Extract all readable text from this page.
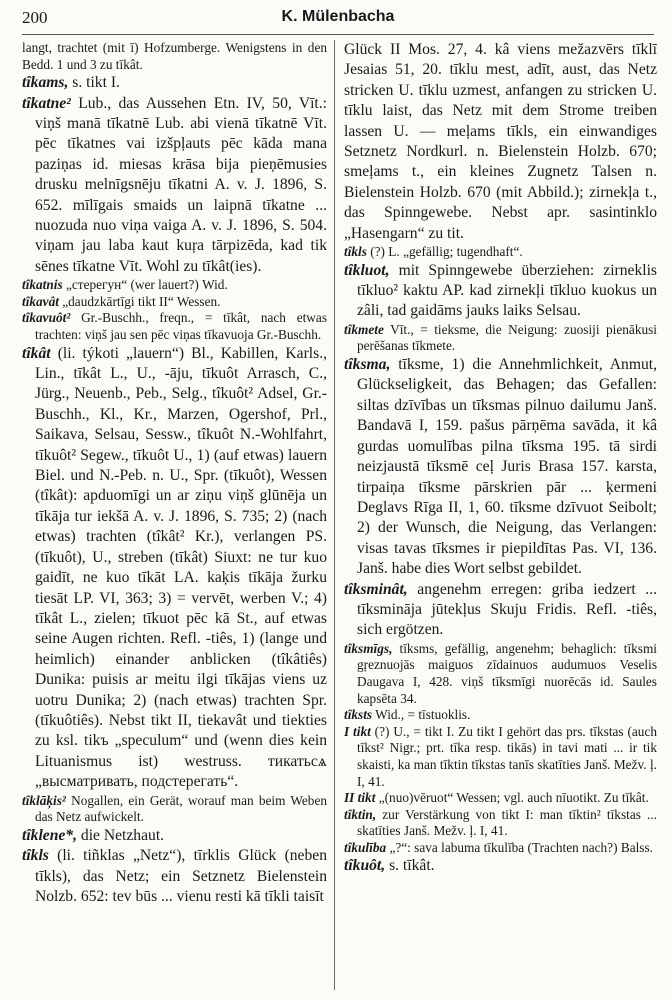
200	K. Mülenbacha

langt, trachtet (mit ī) Hofzumberge. Wenigstens in den Bedd. 1 und 3 zu tīkât.

tîkams, s. tikt I.

tîkatne² Lub., das Aussehen Etn. IV, 50, Vīt.: viņš manā tīkatnē Lub. abi vienā tīkatnē Vīt. pēc tīkatnes vai izšpļauts pēc kāda mana paziņas id. miesas krāsa bija pieņēmusies drusku melnīgsnēju tīkatni A. v. J. 1896, S. 652. mīlīgais smaids un laipnā tīkatne ... nuozuda nuo viņa vaiga A. v. J. 1896, S. 504. viņam jau laba kaut kuŗa tārpizēda, kad tik sēnes tīkatne Vīt. Wohl zu tīkât(ies).

tîkatnis „стeрeгун“ (wer lauert?) Wid.

tîkavât „daudzkārtīgi tikt II“ Wessen.

tîkavuôt² Gr.-Buschh., freqn., = tīkât, nach etwas trachten: viņš jau sen pēc viņas tīkavuoja Gr.-Buschh.

tîkât (li. týkoti „lauern“) Bl., Kabillen, Karls., Lin., tīkât L., U., -āju, tīkuôt Arrasch, C., Jürg., Neuenb., Peb., Selg., tîkuôt² Adsel, Gr.-Buschh., Kl., Kr., Marzen, Ogershof, Prl., Saikava, Selsau, Sessw., tîkuôt N.-Wohlfahrt, tīkuôt² Segew., tīkuôt U., 1) (auf etwas) lauern Biel. und N.-Peb. n. U., Spr. (tīkuôt), Wessen (tîkât): apduomīgi un ar ziņu viņš glūnēja un tīkāja tur iekšā A. v. J. 1896, S. 735; 2) (nach etwas) trachten (tîkât² Kr.), verlangen PS. (tīkuôt), U., streben (tīkât) Siuxt: ne tur kuo gaidīt, ne kuo tīkāt LA. kaķis tīkāja žurku tiesāt LP. VI, 363; 3) = vervēt, werben V.; 4) tīkât L., zielen; tīkuot pēc kā St., auf etwas seine Augen richten. Refl. -tiês, 1) (lange und heimlich) einander anblicken (tîkâtiês) Dunika: puisis ar meitu ilgi tīkājas viens uz uotru Dunika; 2) (nach etwas) trachten Spr. (tīkuôtiês). Nebst tikt II, tiekavât und tiekties zu ksl. tikъ „speculum“ und (wenn dies kein Lituanismus ist) westruss. тикатьсѧ „высматривать, подстерегать“.

tîklāķis² Nogallen, ein Gerät, worauf man beim Weben das Netz aufwickelt.

tîklene*, die Netzhaut.

tîkls (li. tiñklas „Netz“), tīrklis Glück (neben tīkls), das Netz; ein Setznetz Bielenstein Nolzb. 652: tev būs ... vienu resti kā tīkli taisīt

Glück II Mos. 27, 4. kâ viens mežazvērs tīklī Jesaias 51, 20. tīklu mest, adīt, aust, das Netz stricken U. tīklu uzmest, anfangen zu stricken U. tīklu laist, das Netz mit dem Strome treiben lassen U. — meļams tīkls, ein einwandiges Setznetz Nordkurl. n. Bielenstein Holzb. 670; smeļams t., ein kleines Zugnetz Talsen n. Bielenstein Holzb. 670 (mit Abbild.); zirnekļa t., das Spinngewebe. Nebst apr. sasintinklo „Hasengarn“ zu tit.

tîkls (?) L. „gefällig; tugendhaft“.

tîkluot, mit Spinngewebe überziehen: zirneklis tīkluo² kaktu AP. kad zirnekļi tīkluo kuokus un zâli, tad gaidāms jauks laiks Selsau.

tîkmete Vīt., = tieksme, die Neigung: zuosiji pienākusi perēšanas tīkmete.

tîksma, tīksme, 1) die Annehmlichkeit, Anmut, Glückseligkeit, das Behagen; das Gefallen: siltas dzīvības un tīksmas pilnuo dailumu Janš. Bandavā I, 159. pašus pārņēma savāda, it kâ gurdas uomulības pilna tīksma 195. tā sirdi neizjaustā tīksmē ceļ Juris Brasa 157. karsta, tirpaiņa tīksme pārskrien pār ... ķermeni Deglavs Rīga II, 1, 60. tīksme dzīvuot Seibolt; 2) der Wunsch, die Neigung, das Verlangen: visas tavas tīksmes ir piepildītas Pas. VI, 136. Janš. habe dies Wort selbst gebildet.

tîksminât, angenehm erregen: griba iedzert ... tīksmināja jūtekļus Skuju Fridis. Refl. -tiês, sich ergötzen.

tîksmīgs, tīksms, gefällig, angenehm; behaglich: tīksmi gŗeznuojās maiguos zīdainuos audumuos Veselis Daugava I, 428. viņš tīksmīgi nuorēcās id. Saules kapsēta 34.

tîksts Wid., = tīstuoklis.

I tikt (?) U., = tikt I. Zu tikt I gehört das prs. tīkstas (auch tīkst² Nigr.; prt. tīka resp. tikās) in tavi mati ... ir tik skaisti, ka man tīktin tīkstas tanīs skatīties Janš. Mežv. ļ. I, 41.

II tikt „(nuo)vēruot“ Wessen; vgl. auch nīuotikt. Zu tīkât.

tîktin, zur Verstärkung von tikt I: man tīktin² tīkstas ... skatīties Janš. Mežv. ļ. I, 41.

tîkulība „?“: sava labuma tīkulība (Trachten nach?) Balss.

tîkuôt, s. tīkât.
